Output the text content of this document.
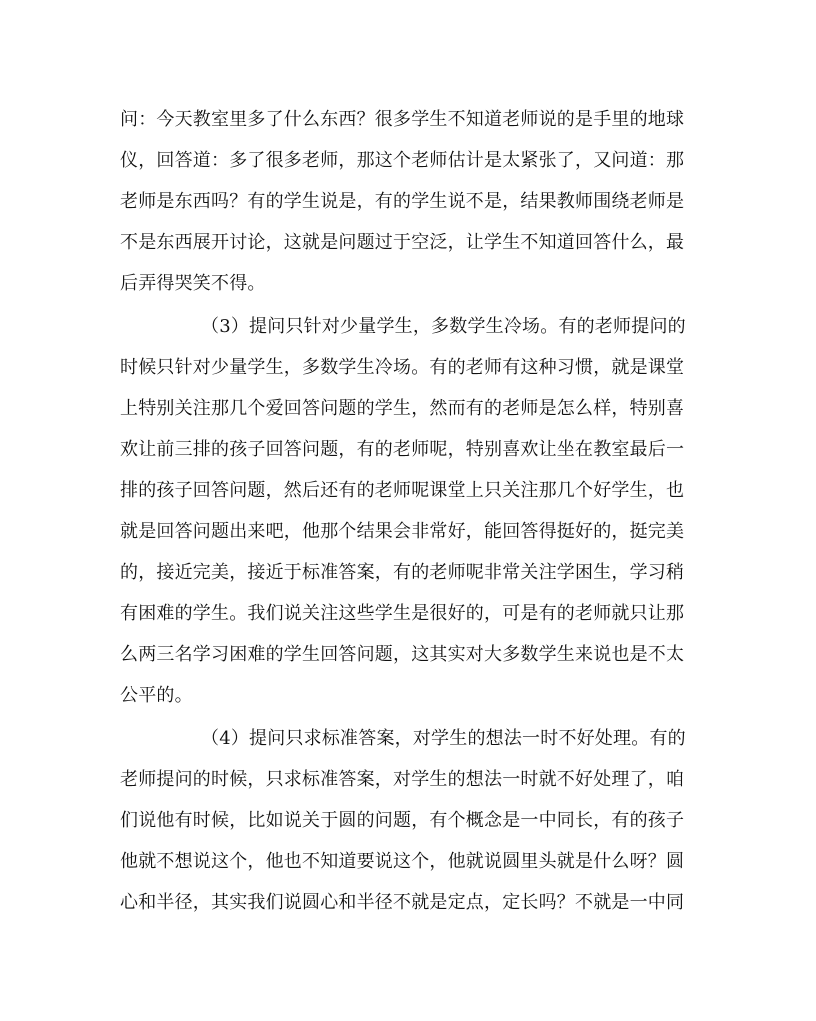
问：今天教室里多了什么东西？很多学生不知道老师说的是手里的地球
仪，回答道：多了很多老师，那这个老师估计是太紧张了，又问道：那
老师是东西吗？有的学生说是，有的学生说不是，结果教师围绕老师是
不是东西展开讨论，这就是问题过于空泛，让学生不知道回答什么，最
后弄得哭笑不得。
（3）提问只针对少量学生，多数学生冷场。有的老师提问的
时候只针对少量学生，多数学生冷场。有的老师有这种习惯，就是课堂
上特别关注那几个爱回答问题的学生，然而有的老师是怎么样，特别喜
欢让前三排的孩子回答问题，有的老师呢，特别喜欢让坐在教室最后一
排的孩子回答问题，然后还有的老师呢课堂上只关注那几个好学生，也
就是回答问题出来吧，他那个结果会非常好，能回答得挺好的，挺完美
的，接近完美，接近于标准答案，有的老师呢非常关注学困生，学习稍
有困难的学生。我们说关注这些学生是很好的，可是有的老师就只让那
么两三名学习困难的学生回答问题，这其实对大多数学生来说也是不太
公平的。
（4）提问只求标准答案，对学生的想法一时不好处理。有的
老师提问的时候，只求标准答案，对学生的想法一时就不好处理了，咱
们说他有时候，比如说关于圆的问题，有个概念是一中同长，有的孩子
他就不想说这个，他也不知道要说这个，他就说圆里头就是什么呀？圆
心和半径，其实我们说圆心和半径不就是定点，定长吗？不就是一中同
